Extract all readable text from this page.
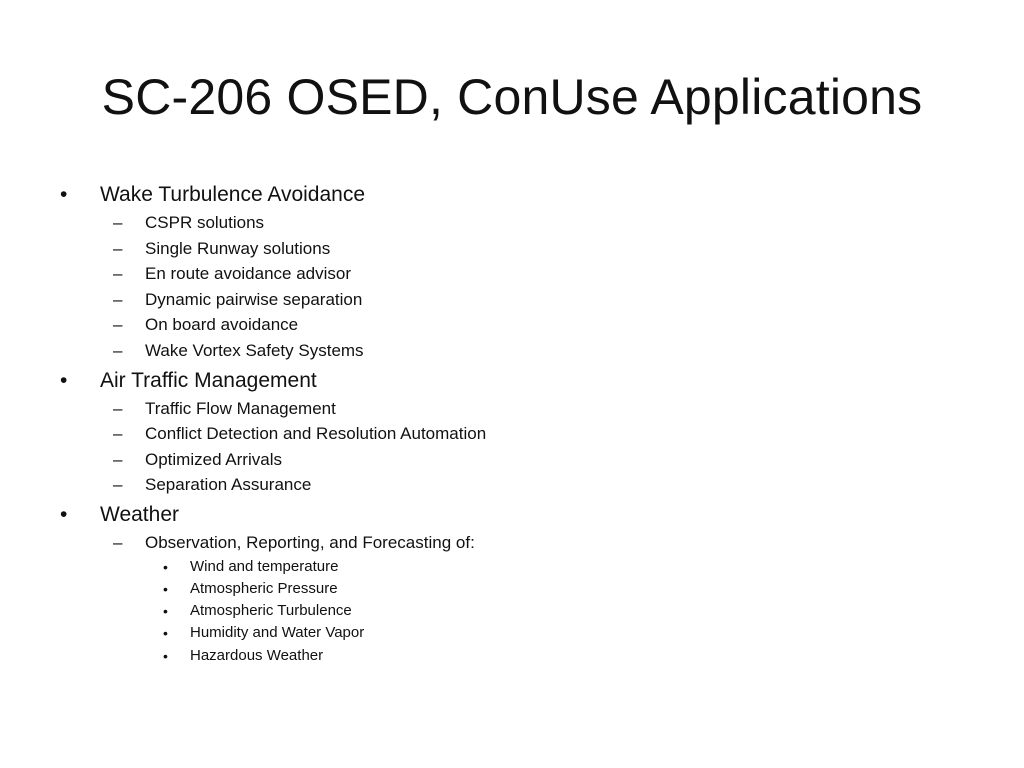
SC-206 OSED, ConUse Applications
•	Wake Turbulence Avoidance
–	CSPR solutions
–	Single Runway solutions
–	En route avoidance advisor
–	Dynamic pairwise separation
–	On board avoidance
–	Wake Vortex Safety Systems
•	Air Traffic Management
–	Traffic Flow Management
–	Conflict Detection and Resolution Automation
–	Optimized Arrivals
–	Separation Assurance
•	Weather
–	Observation, Reporting, and Forecasting of:
•	Wind and temperature
•	Atmospheric Pressure
•	Atmospheric Turbulence
•	Humidity and Water Vapor
•	Hazardous Weather
